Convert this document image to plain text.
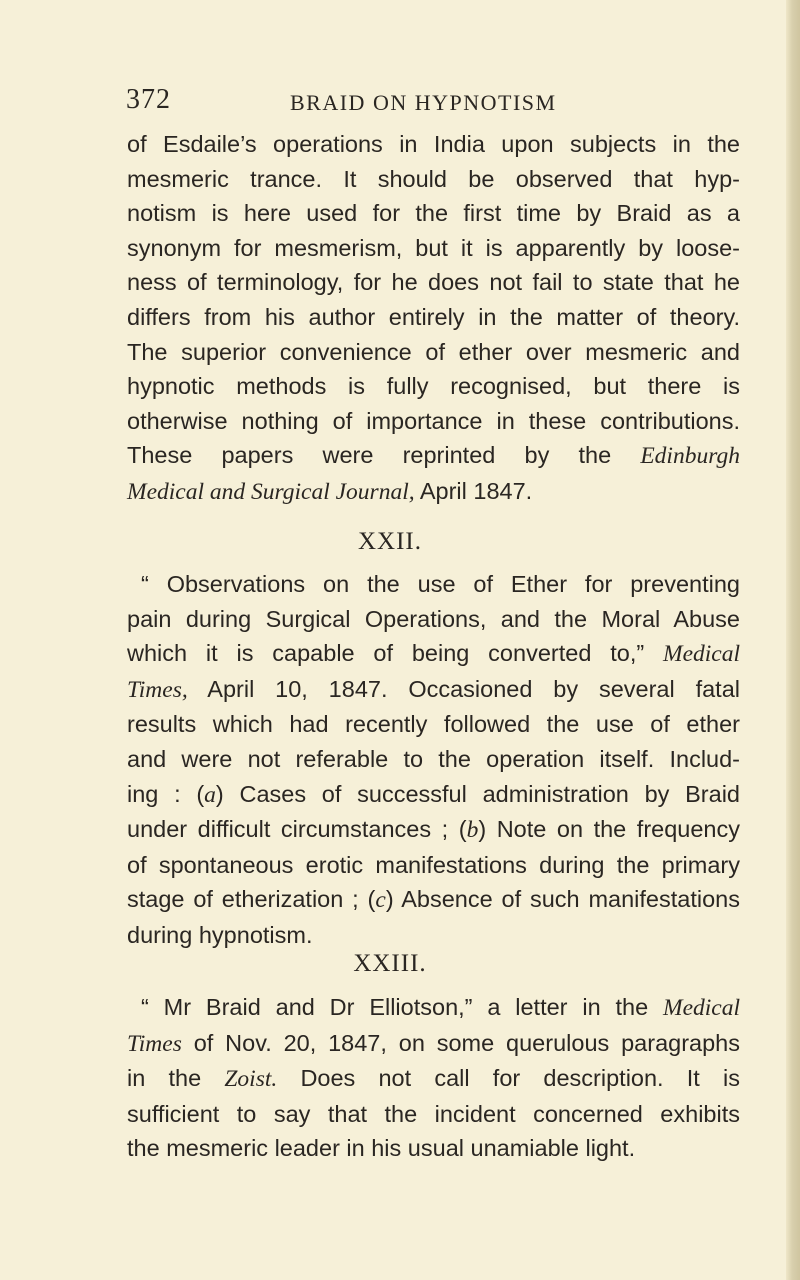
372	BRAID ON HYPNOTISM
of Esdaile’s operations in India upon subjects in the
mesmeric trance. It should be observed that hyp-
notism is here used for the first time by Braid as a
synonym for mesmerism, but it is apparently by loose-
ness of terminology, for he does not fail to state that he
differs from his author entirely in the matter of theory.
The superior convenience of ether over mesmeric and
hypnotic methods is fully recognised, but there is
otherwise nothing of importance in these contributions.
These papers were reprinted by the Edinburgh
Medical and Surgical Journal, April 1847.
XXII.
“ Observations on the use of Ether for preventing
pain during Surgical Operations, and the Moral Abuse
which it is capable of being converted to,” Medical
Times, April 10, 1847. Occasioned by several fatal
results which had recently followed the use of ether
and were not referable to the operation itself. Includ-
ing : (a) Cases of successful administration by Braid
under difficult circumstances ; (b) Note on the frequency
of spontaneous erotic manifestations during the primary
stage of etherization ; (c) Absence of such manifestations
during hypnotism.
XXIII.
“ Mr Braid and Dr Elliotson,” a letter in the Medical
Times of Nov. 20, 1847, on some querulous paragraphs
in the Zoist. Does not call for description. It is
sufficient to say that the incident concerned exhibits
the mesmeric leader in his usual unamiable light.
